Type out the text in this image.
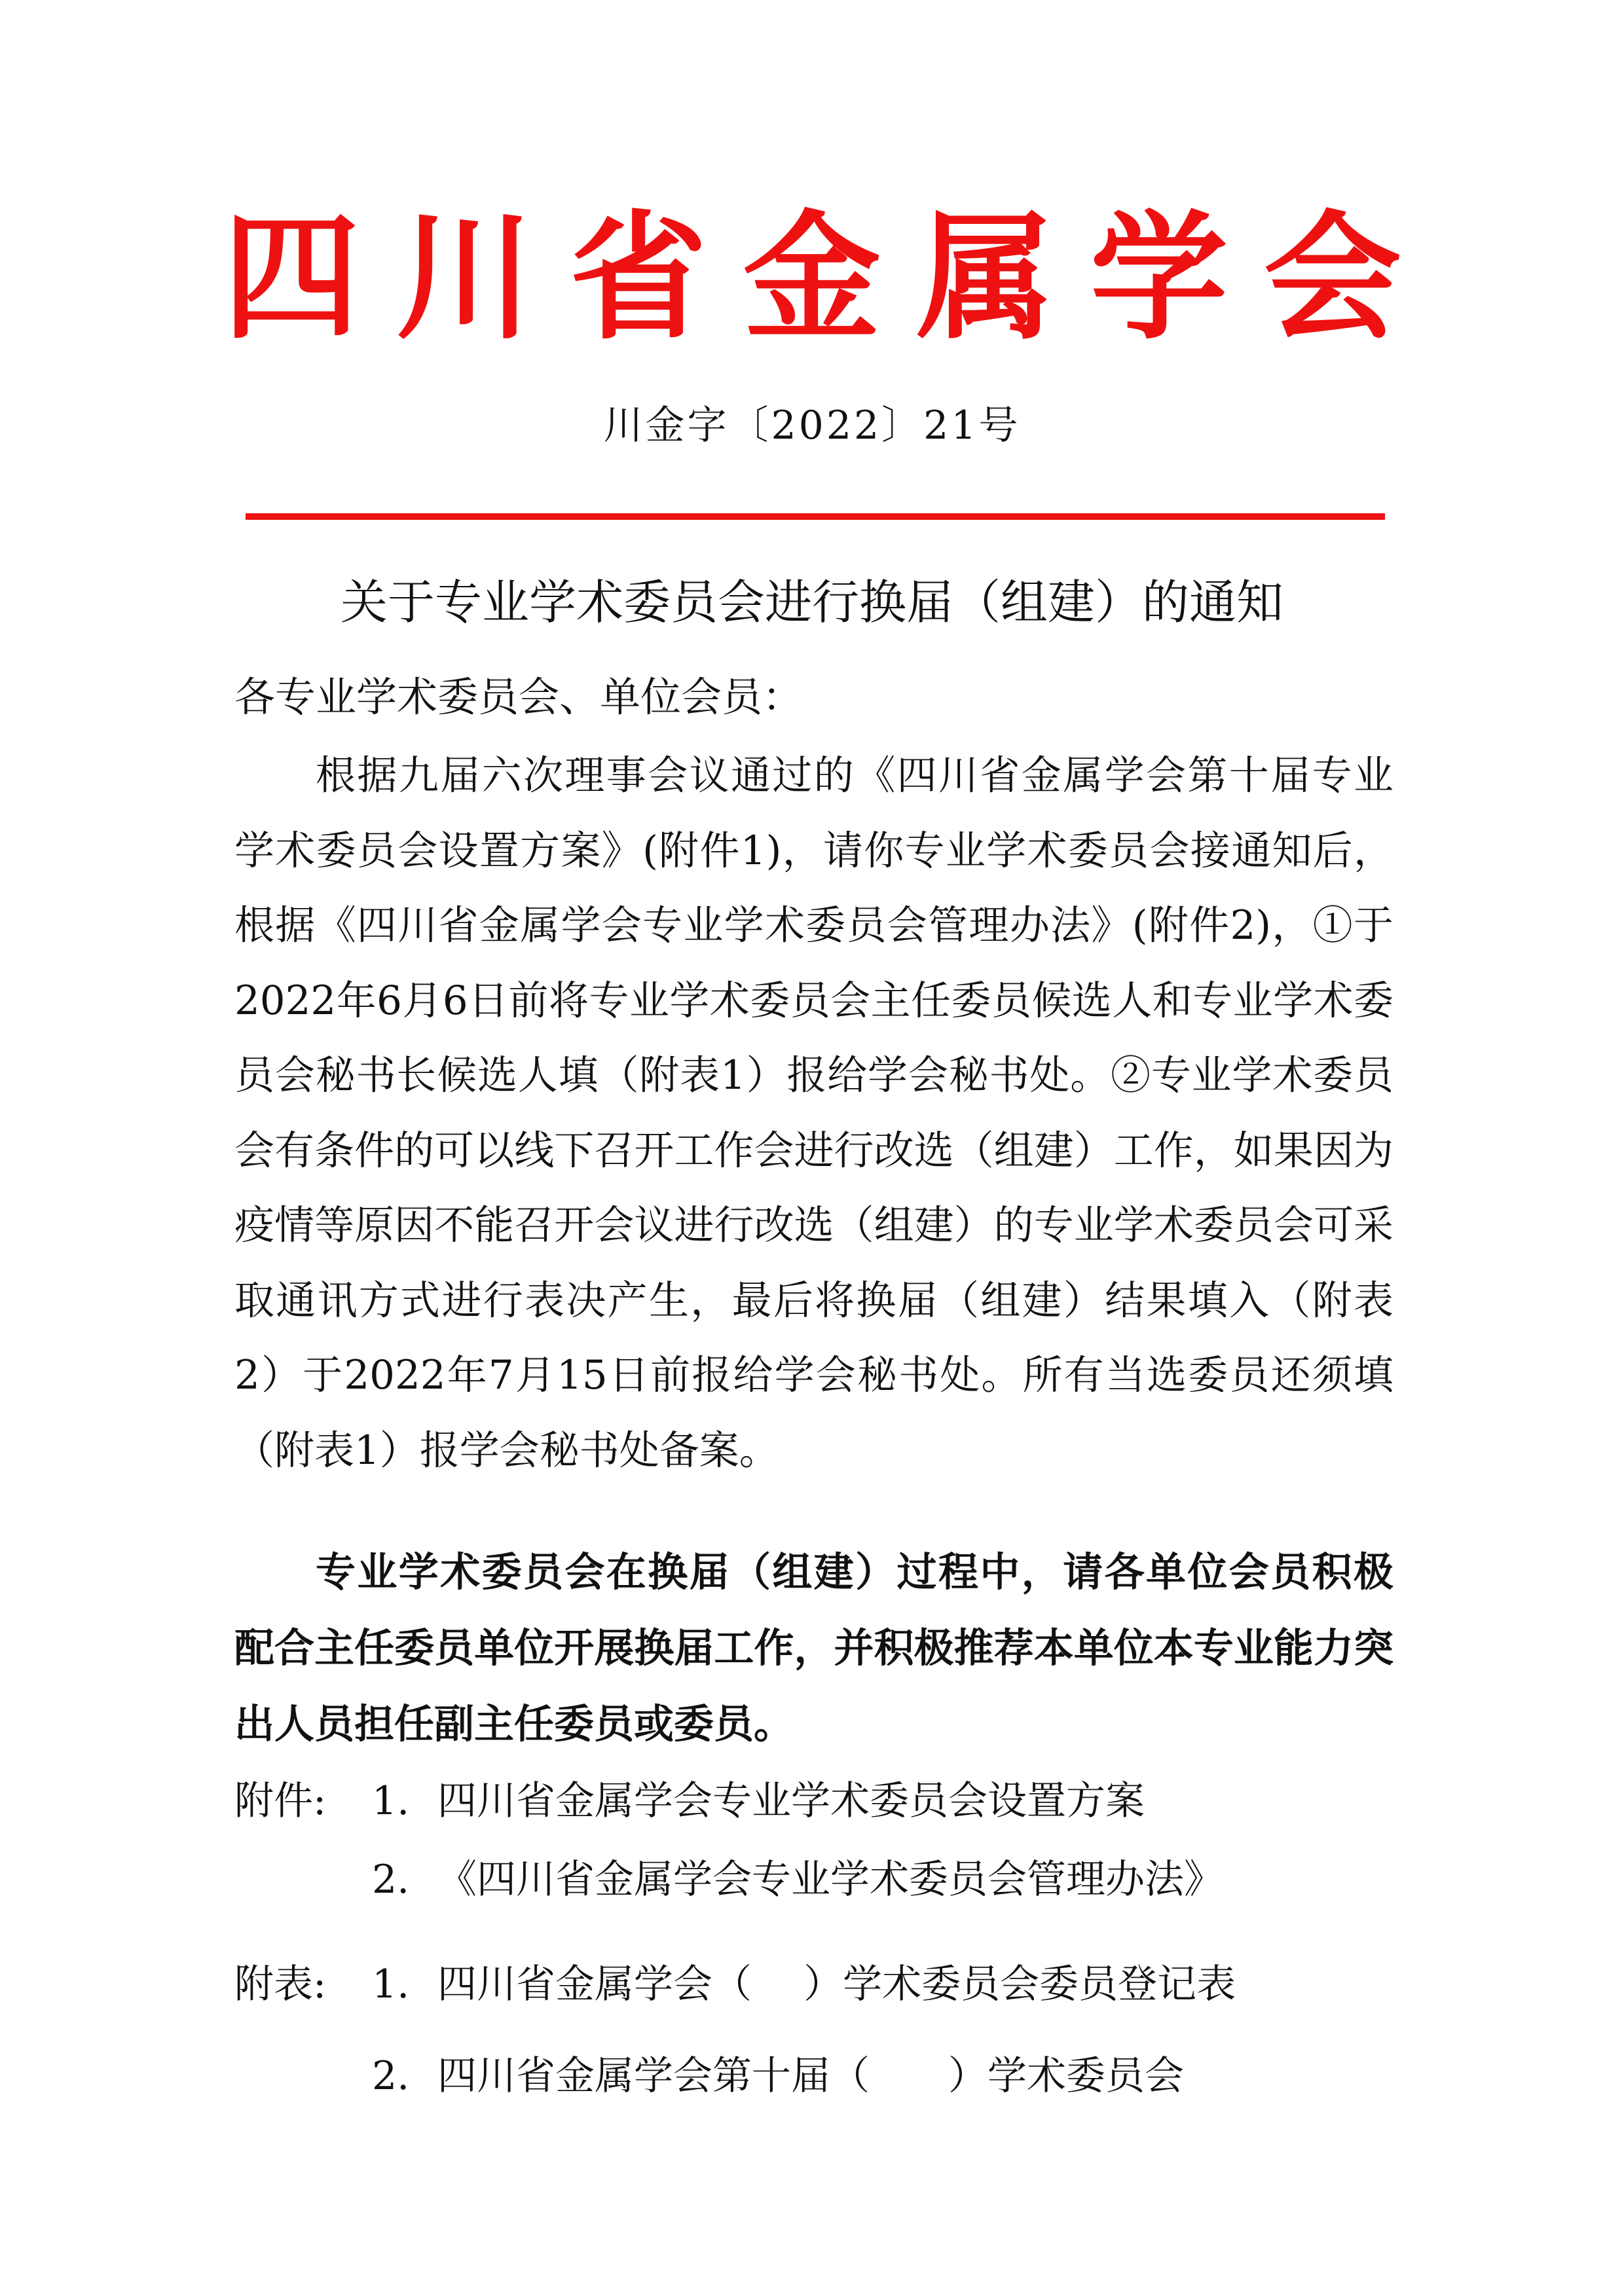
四 川 省 金 属 学 会
川金字〔2022〕21号
关于专业学术委员会进行换届（组建）的通知
各专业学术委员会、单位会员：

根据九届六次理事会议通过的《四川省金属学会第十届专业学术委员会设置方案》(附件1)，请你专业学术委员会接通知后，根据《四川省金属学会专业学术委员会管理办法》(附件2)，①于2022年6月6日前将专业学术委员会主任委员候选人和专业学术委员会秘书长候选人填（附表1）报给学会秘书处。②专业学术委员会有条件的可以线下召开工作会进行改选（组建）工作，如果因为疫情等原因不能召开会议进行改选（组建）的专业学术委员会可采取通讯方式进行表决产生，最后将换届（组建）结果填入（附表2）于2022年7月15日前报给学会秘书处。所有当选委员还须填（附表1）报学会秘书处备案。

专业学术委员会在换届（组建）过程中，请各单位会员积极配合主任委员单位开展换届工作，并积极推荐本单位本专业能力突出人员担任副主任委员或委员。

附件: 1. 四川省金属学会专业学术委员会设置方案
2. 《四川省金属学会专业学术委员会管理办法》
附表: 1. 四川省金属学会（　 ）学术委员会委员登记表
2. 四川省金属学会第十届（　　）学术委员会
